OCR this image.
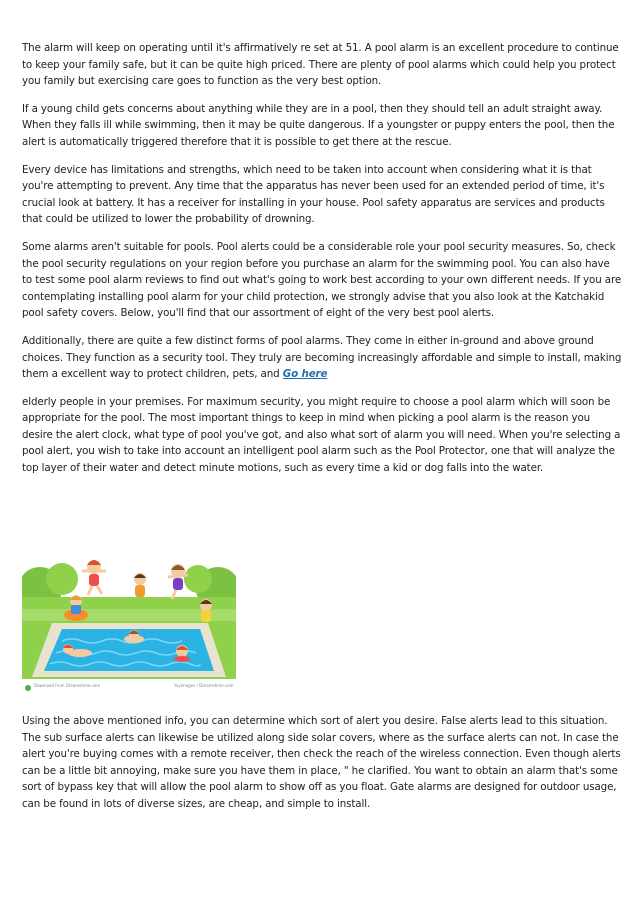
The alarm will keep on operating until it's affirmatively re set at 51. A pool alarm is an excellent procedure to continue to keep your family safe, but it can be quite high priced. There are plenty of pool alarms which could help you protect you family but exercising care goes to function as the very best option.

If a young child gets concerns about anything while they are in a pool, then they should tell an adult straight away. When they falls ill while swimming, then it may be quite dangerous. If a youngster or puppy enters the pool, then the alert is automatically triggered therefore that it is possible to get there at the rescue.

Every device has limitations and strengths, which need to be taken into account when considering what it is that you're attempting to prevent. Any time that the apparatus has never been used for an extended period of time, it's crucial look at battery. It has a receiver for installing in your house. Pool safety apparatus are services and products that could be utilized to lower the probability of drowning.

Some alarms aren't suitable for pools. Pool alerts could be a considerable role your pool security measures. So, check the pool security regulations on your region before you purchase an alarm for the swimming pool. You can also have to test some pool alarm reviews to find out what's going to work best according to your own different needs. If you are contemplating installing pool alarm for your child protection, we strongly advise that you also look at the Katchakid pool safety covers. Below, you'll find that our assortment of eight of the very best pool alerts.

Additionally, there are quite a few distinct forms of pool alarms. They come in either in-ground and above ground choices. They function as a security tool. They truly are becoming increasingly affordable and simple to install, making them a excellent way to protect children, pets, and Go here

elderly people in your premises. For maximum security, you might require to choose a pool alarm which will soon be appropriate for the pool. The most important things to keep in mind when picking a pool alarm is the reason you desire the alert clock, what type of pool you've got, and also what sort of alarm you will need. When you're selecting a pool alert, you wish to take into account an intelligent pool alarm such as the Pool Protector, one that will analyze the top layer of their water and detect minute motions, such as every time a kid or dog falls into the water.

Download from Dreamstime.com	Yayimages / Dreamstime.com

Using the above mentioned info, you can determine which sort of alert you desire. False alerts lead to this situation. The sub surface alerts can likewise be utilized along side solar covers, where as the surface alerts can not. In case the alert you're buying comes with a remote receiver, then check the reach of the wireless connection. Even though alerts can be a little bit annoying, make sure you have them in place, " he clarified. You want to obtain an alarm that's some sort of bypass key that will allow the pool alarm to show off as you float. Gate alarms are designed for outdoor usage, can be found in lots of diverse sizes, are cheap, and simple to install.
